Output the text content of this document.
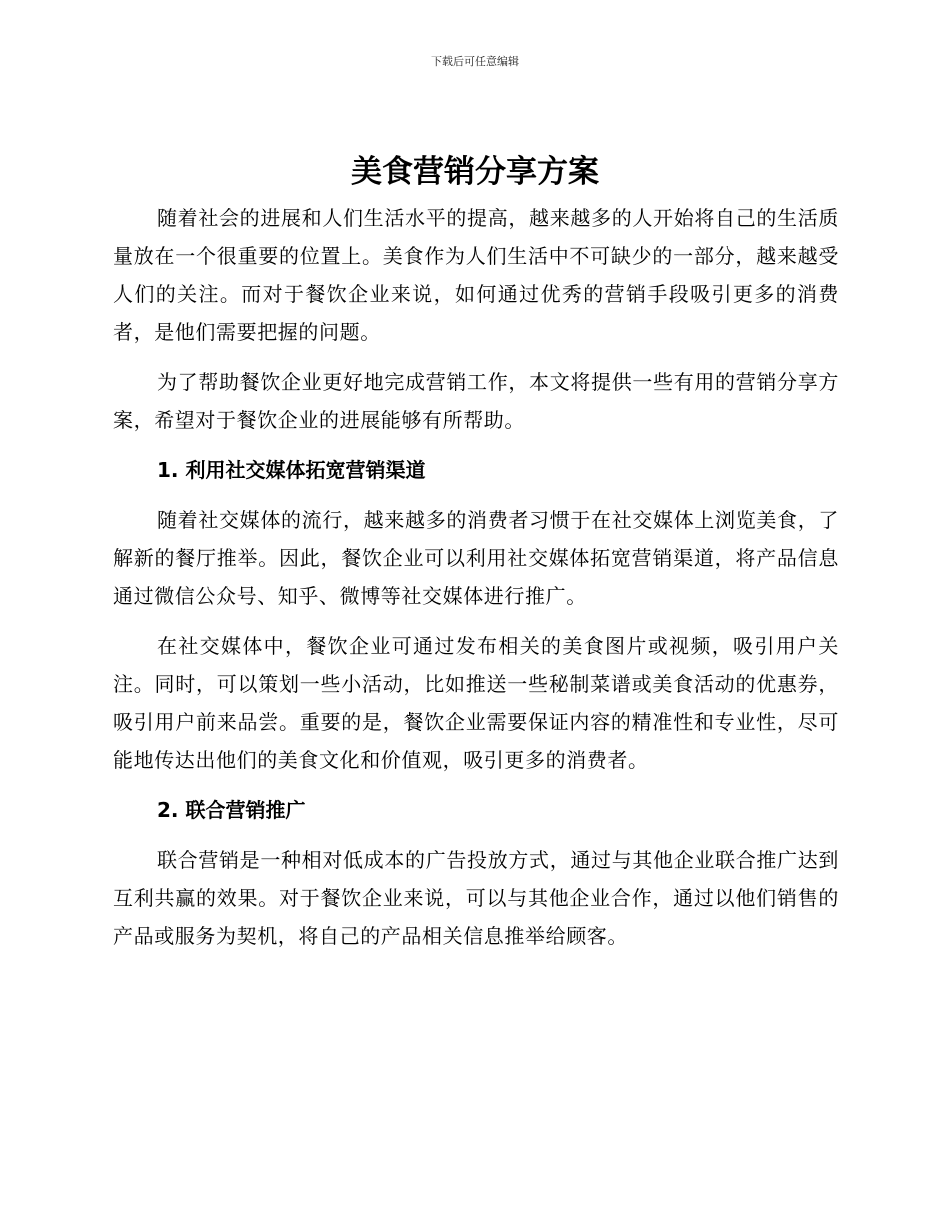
下载后可任意编辑
美食营销分享方案

随着社会的进展和人们生活水平的提高，越来越多的人开始将自己的生活质量放在一个很重要的位置上。美食作为人们生活中不可缺少的一部分，越来越受人们的关注。而对于餐饮企业来说，如何通过优秀的营销手段吸引更多的消费者，是他们需要把握的问题。

为了帮助餐饮企业更好地完成营销工作，本文将提供一些有用的营销分享方案，希望对于餐饮企业的进展能够有所帮助。

1. 利用社交媒体拓宽营销渠道

随着社交媒体的流行，越来越多的消费者习惯于在社交媒体上浏览美食，了解新的餐厅推举。因此，餐饮企业可以利用社交媒体拓宽营销渠道，将产品信息通过微信公众号、知乎、微博等社交媒体进行推广。

在社交媒体中，餐饮企业可通过发布相关的美食图片或视频，吸引用户关注。同时，可以策划一些小活动，比如推送一些秘制菜谱或美食活动的优惠券，吸引用户前来品尝。重要的是，餐饮企业需要保证内容的精准性和专业性，尽可能地传达出他们的美食文化和价值观，吸引更多的消费者。

2. 联合营销推广

联合营销是一种相对低成本的广告投放方式，通过与其他企业联合推广达到互利共赢的效果。对于餐饮企业来说，可以与其他企业合作，通过以他们销售的产品或服务为契机，将自己的产品相关信息推举给顾客。
